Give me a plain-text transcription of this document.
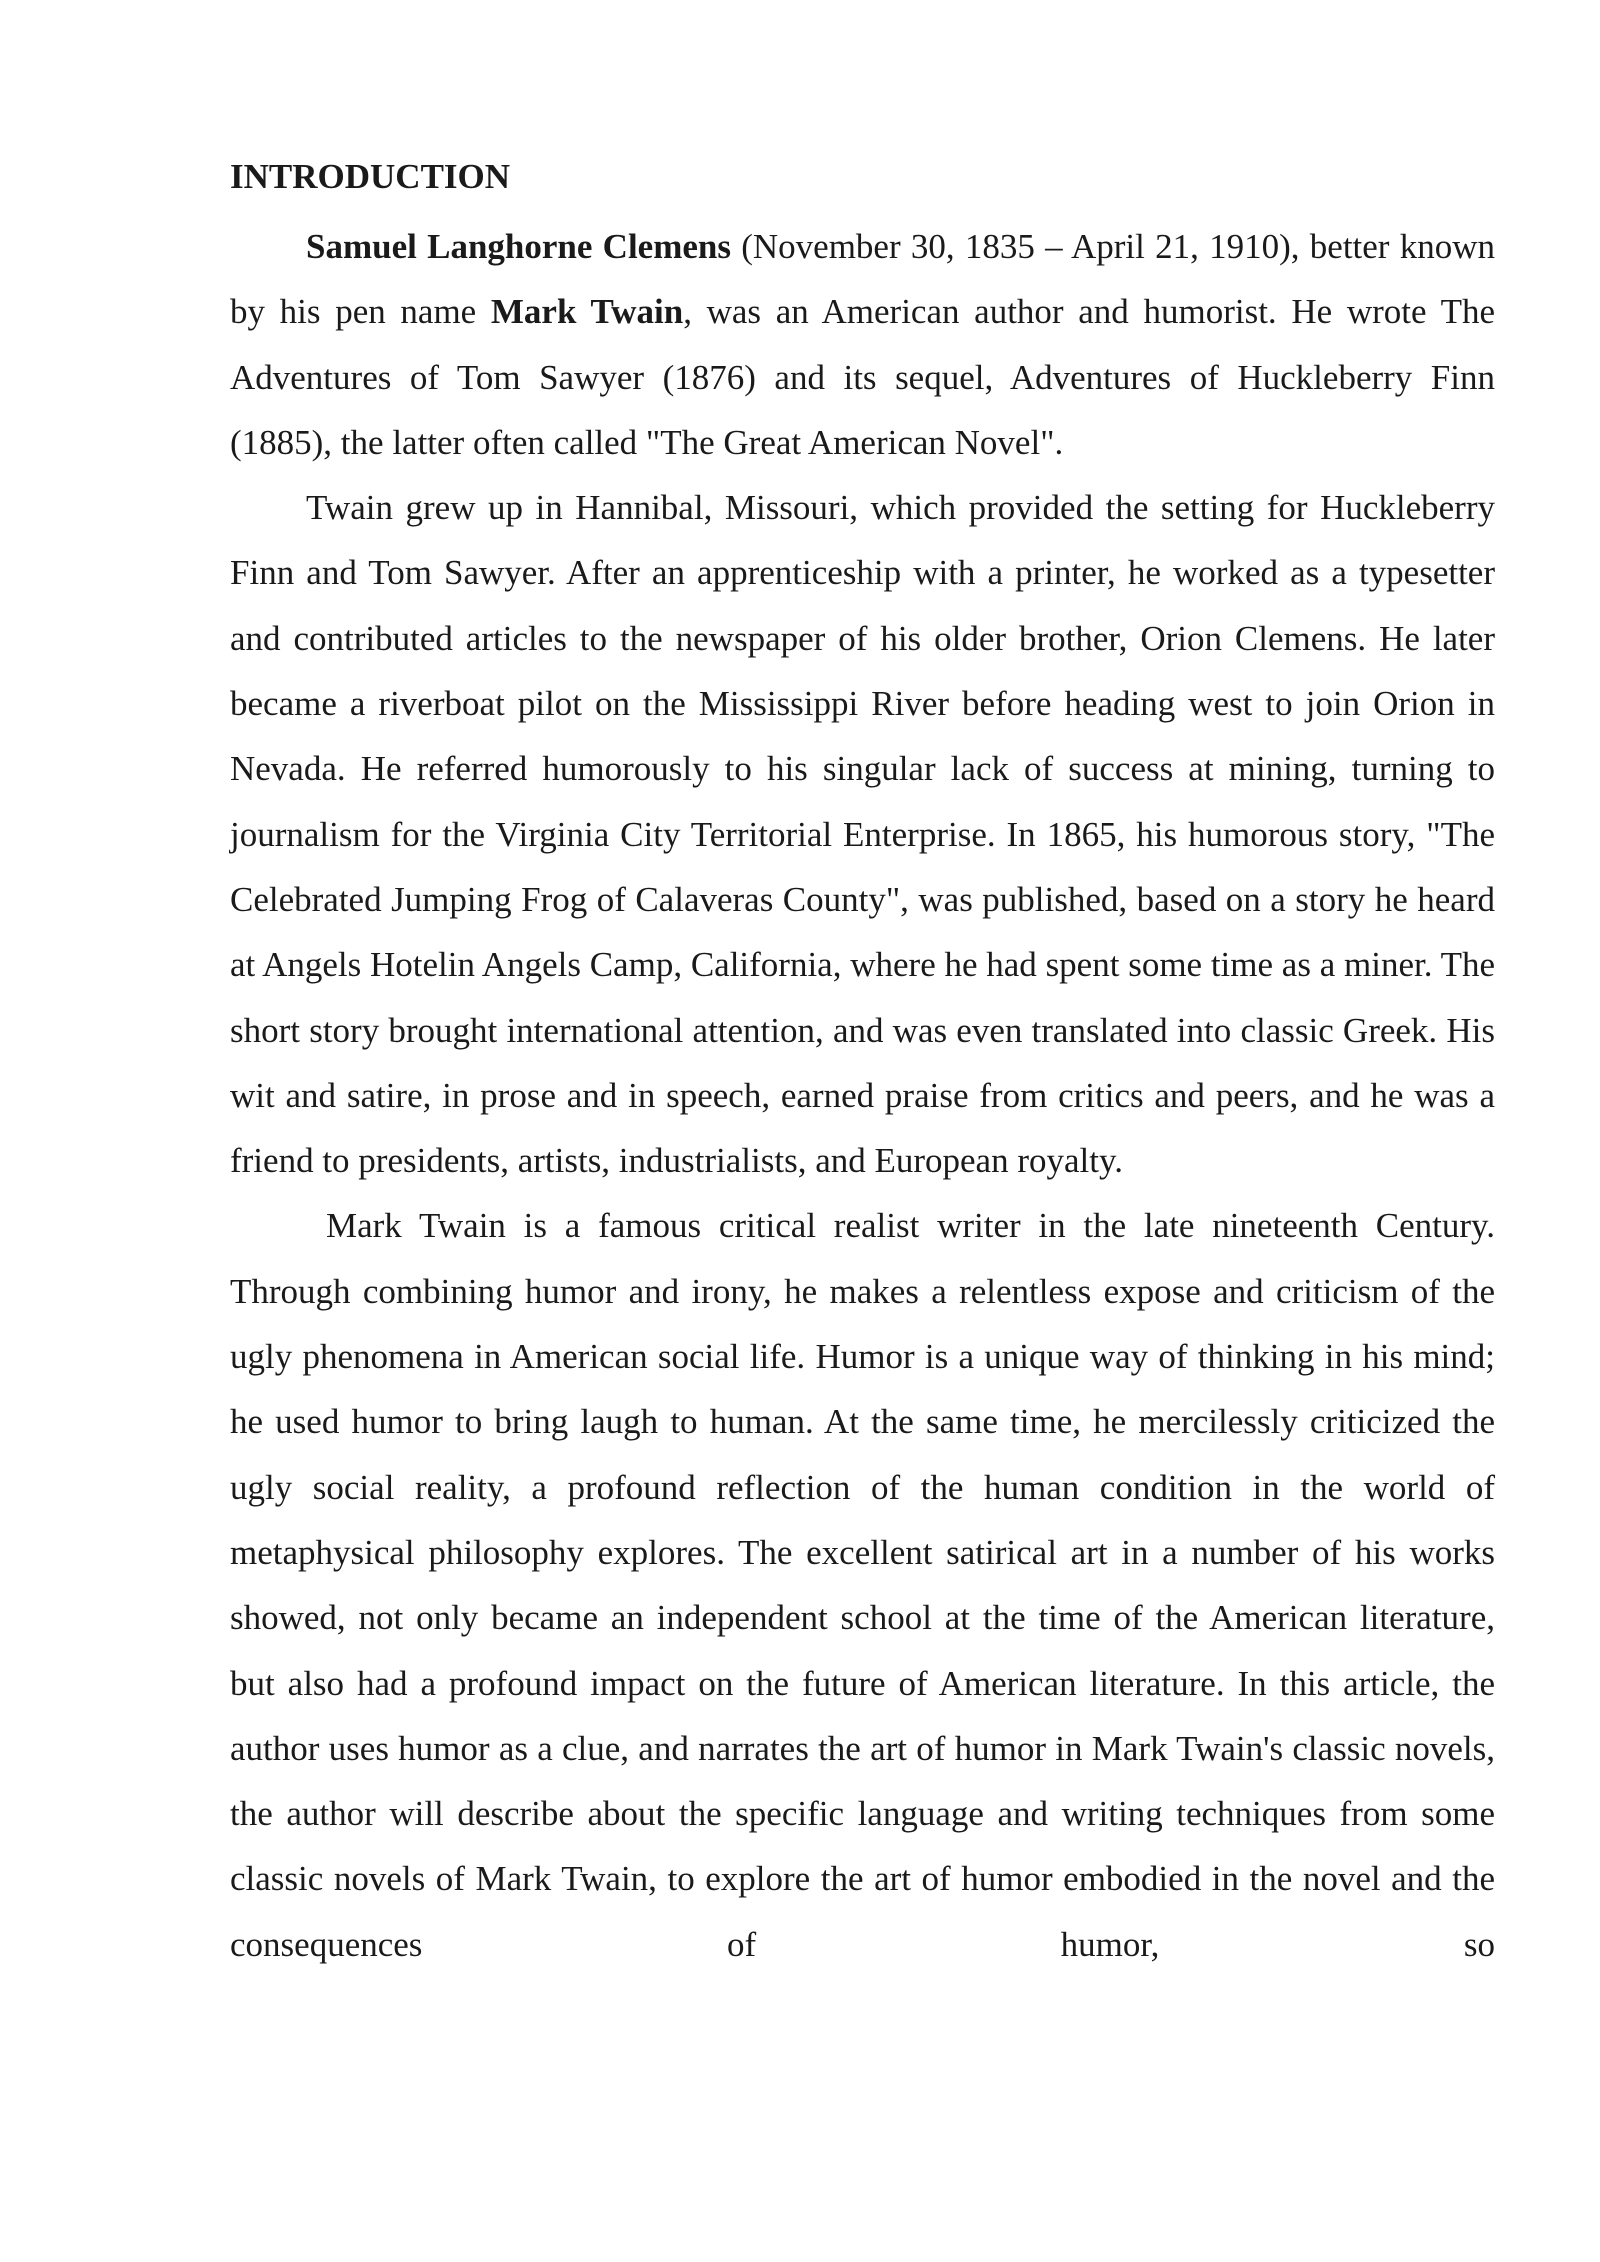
INTRODUCTION

Samuel Langhorne Clemens (November 30, 1835 – April 21, 1910), better known by his pen name Mark Twain, was an American author and humorist. He wrote The Adventures of Tom Sawyer (1876) and its sequel, Adventures of Huckleberry Finn (1885), the latter often called "The Great American Novel".

Twain grew up in Hannibal, Missouri, which provided the setting for Huckleberry Finn and Tom Sawyer. After an apprenticeship with a printer, he worked as a typesetter and contributed articles to the newspaper of his older brother, Orion Clemens. He later became a riverboat pilot on the Mississippi River before heading west to join Orion in Nevada. He referred humorously to his singular lack of success at mining, turning to journalism for the Virginia City Territorial Enterprise. In 1865, his humorous story, "The Celebrated Jumping Frog of Calaveras County", was published, based on a story he heard at Angels Hotelin Angels Camp, California, where he had spent some time as a miner. The short story brought international attention, and was even translated into classic Greek. His wit and satire, in prose and in speech, earned praise from critics and peers, and he was a friend to presidents, artists, industrialists, and European royalty.

Mark Twain is a famous critical realist writer in the late nineteenth Century. Through combining humor and irony, he makes a relentless expose and criticism of the ugly phenomena in American social life. Humor is a unique way of thinking in his mind; he used humor to bring laugh to human. At the same time, he mercilessly criticized the ugly social reality, a profound reflection of the human condition in the world of metaphysical philosophy explores. The excellent satirical art in a number of his works showed, not only became an independent school at the time of the American literature, but also had a profound impact on the future of American literature. In this article, the author uses humor as a clue, and narrates the art of humor in Mark Twain's classic novels, the author will describe about the specific language and writing techniques from some classic novels of Mark Twain, to explore the art of humor embodied in the novel and the consequences of humor, so
